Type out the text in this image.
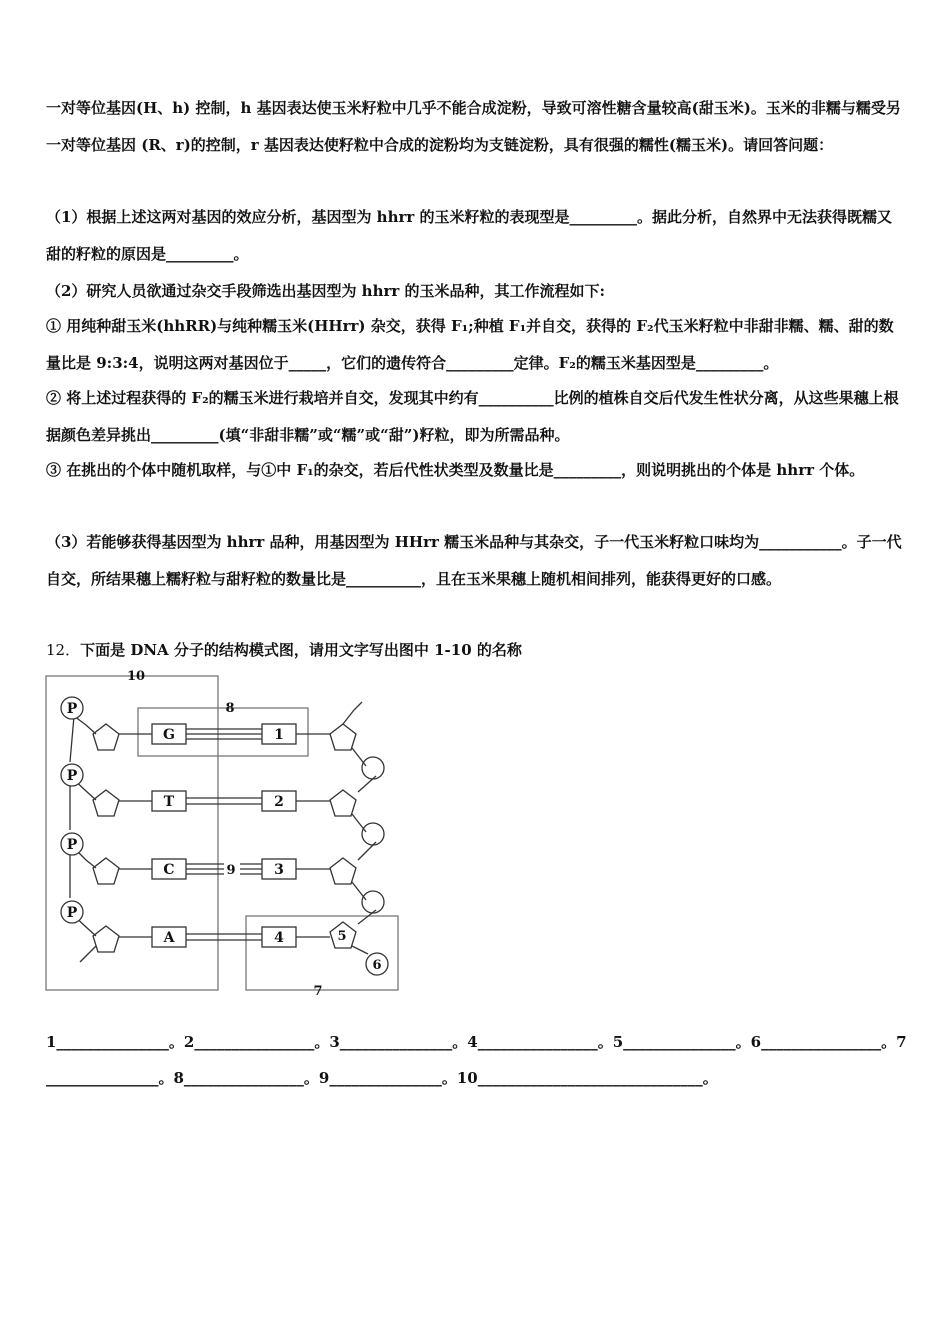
一对等位基因(H、h) 控制，h 基因表达使玉米籽粒中几乎不能合成淀粉，导致可溶性糖含量较高(甜玉米)。玉米的非糯与糯受另一对等位基因 (R、r)的控制，r 基因表达使籽粒中合成的淀粉均为支链淀粉，具有很强的糯性(糯玉米)。请回答问题：

（1）根据上述这两对基因的效应分析，基因型为 hhrr 的玉米籽粒的表现型是_________。据此分析，自然界中无法获得既糯又甜的籽粒的原因是_________。

（2）研究人员欲通过杂交手段筛选出基因型为 hhrr 的玉米品种，其工作流程如下:

① 用纯种甜玉米(hhRR)与纯种糯玉米(HHrr) 杂交，获得 F₁;种植 F₁并自交，获得的 F₂代玉米籽粒中非甜非糯、糯、甜的数量比是 9:3:4，说明这两对基因位于_____，它们的遗传符合_________定律。F₂的糯玉米基因型是_________。

② 将上述过程获得的 F₂的糯玉米进行栽培并自交，发现其中约有__________比例的植株自交后代发生性状分离，从这些果穗上根据颜色差异挑出_________(填“非甜非糯”或“糯”或“甜”)籽粒，即为所需品种。

③ 在挑出的个体中随机取样，与①中 F₁的杂交，若后代性状类型及数量比是_________，则说明挑出的个体是 hhrr 个体。

（3）若能够获得基因型为 hhrr 品种，用基因型为 HHrr 糯玉米品种与其杂交，子一代玉米籽粒口味均为___________。子一代自交，所结果穗上糯籽粒与甜籽粒的数量比是__________，且在玉米果穗上随机相间排列，能获得更好的口感。

12．下面是 DNA 分子的结构模式图，请用文字写出图中 1-10 的名称

P
P
P
P
G
T
C
A
1
2
3
4	5
6
7
8
9
10
1_______________。2________________。3_______________。4________________。5_______________。6________________。7_______________。8________________。9_______________。10______________________________。
